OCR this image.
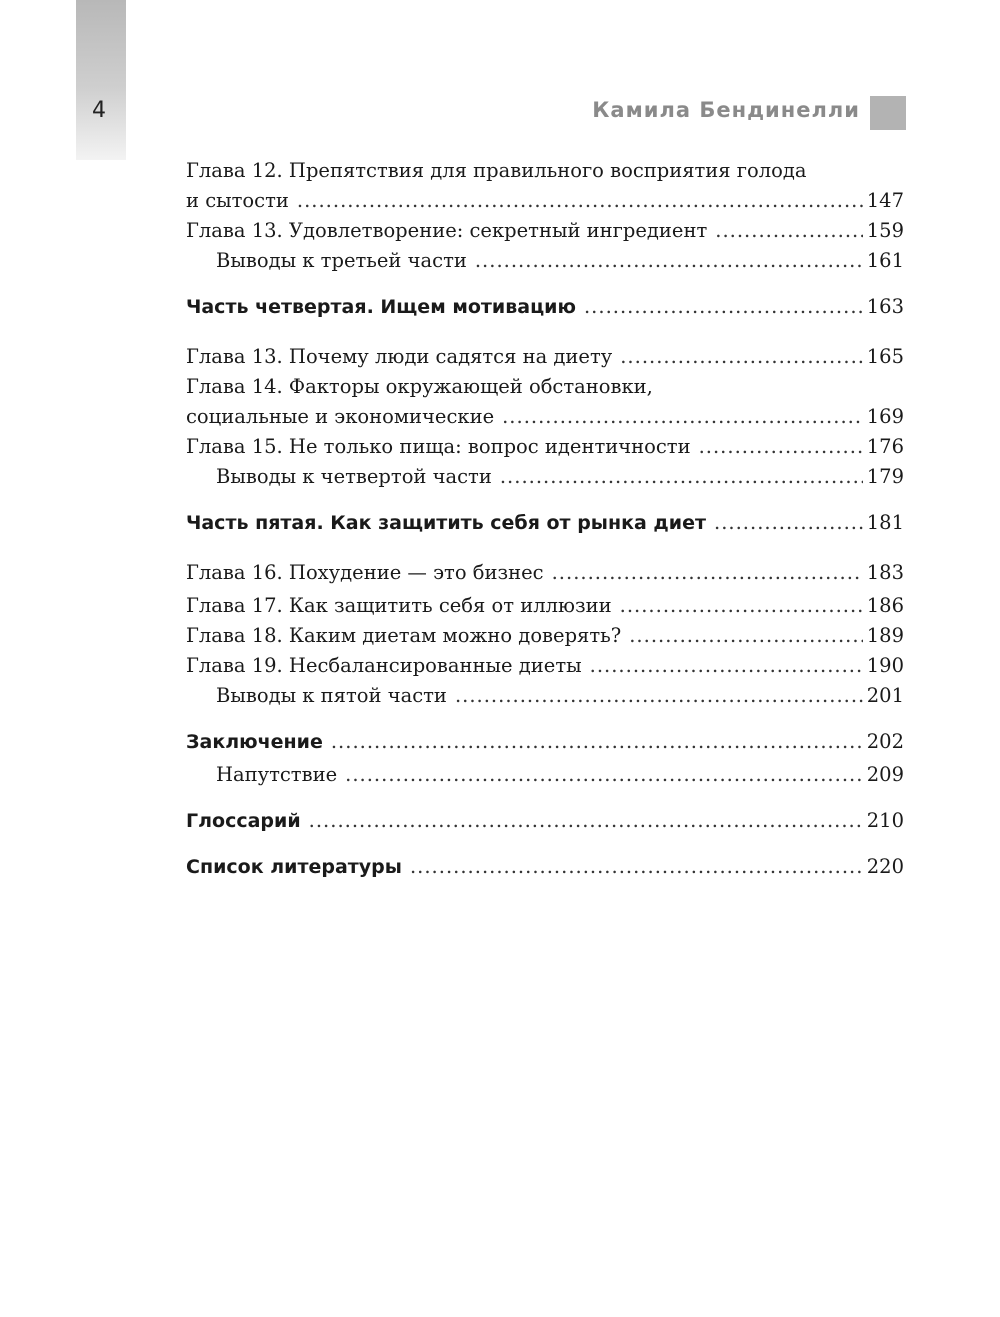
4	Камила Бендинелли
Глава 12. Препятствия для правильного восприятия голода
и сытости .....	147
Глава 13. Удовлетворение: секретный ингредиент .....	159
Выводы к третьей части .....	161
Часть четвертая. Ищем мотивацию .....	163
Глава 13. Почему люди садятся на диету .....	165
Глава 14. Факторы окружающей обстановки,
социальные и экономические .....	169
Глава 15. Не только пища: вопрос идентичности .....	176
Выводы к четвертой части .....	179
Часть пятая. Как защитить себя от рынка диет .....	181
Глава 16. Похудение — это бизнес .....	183
Глава 17. Как защитить себя от иллюзии .....	186
Глава 18. Каким диетам можно доверять? .....	189
Глава 19. Несбалансированные диеты .....	190
Выводы к пятой части .....	201
Заключение .....	202
Напутствие .....	209
Глоссарий .....	210
Список литературы .....	220
